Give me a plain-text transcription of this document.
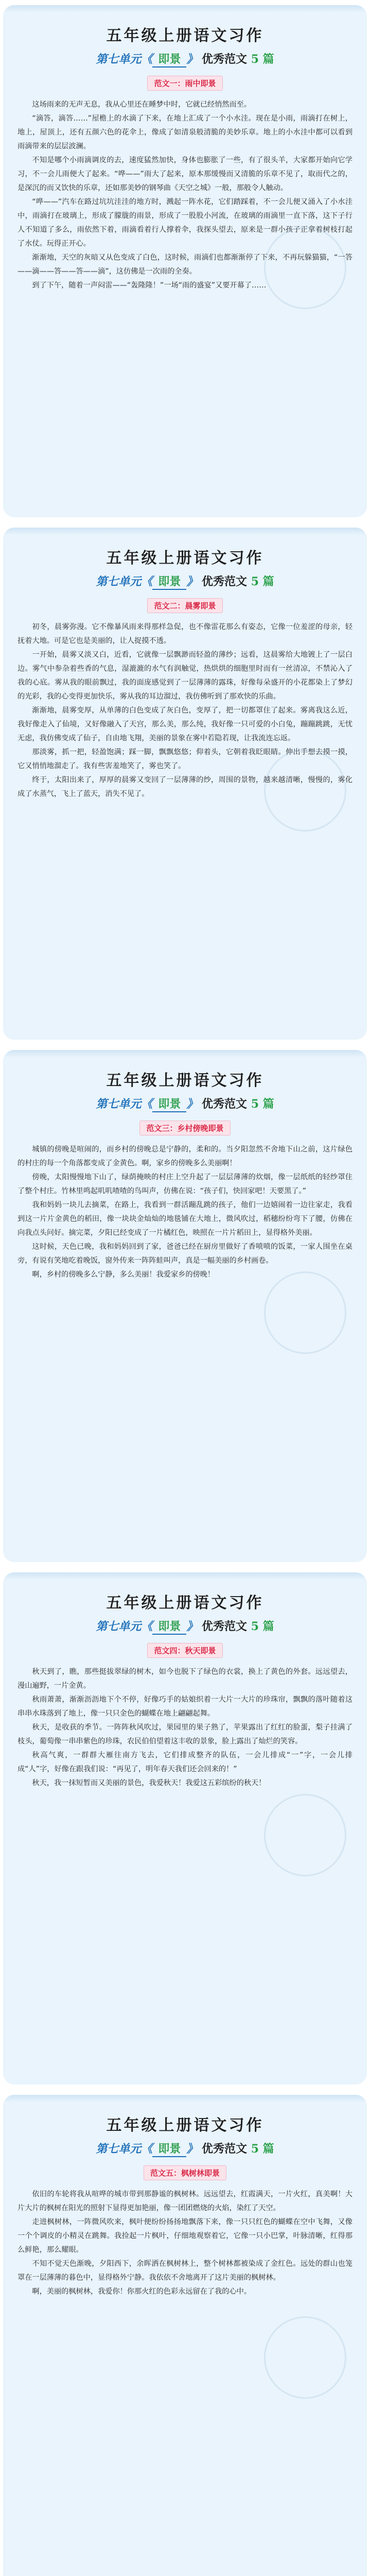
五年级上册语文习作
第七单元《 即景 》 优秀范文 5 篇
范文一：雨中即景

这场雨来的无声无息，我从心里还在睡梦中时，它就已经悄然而至。

“滴答，滴答……”屋檐上的水滴了下来，在地上汇成了一个小水洼。现在是小雨，雨滴打在树上，地上，屋顶上，还有五颜六色的花伞上，像成了如清泉般清脆的美妙乐章。地上的小水洼中都可以看到雨滴带来的层层波澜。

不知是哪个小雨滴调皮的去，速度猛然加快，身体也膨胀了一些，有了很头羊，大家都开始向它学习，不一会儿雨便大了起来。“哗——”雨大了起来，原本那缓慢而又清脆的乐章不见了，取而代之的，是深沉的而又饮快的乐章，还如那美妙的钢琴曲《天空之城》一般，那般令人触动。

“哗——”汽车在路过坑坑洼洼的地方时，溅起一阵水花，它们踏踩着，不一会儿便又涌入了小水洼中，雨滴打在玻璃上，形成了朦胧的雨景，形成了一股股小河流，在玻璃的雨滴里一直下落，这下子行人不知道了多么，雨依然下着，雨滴看着行人撑着伞，我探头望去，原来是一群小孩子正拿着树枝打起了水仗。玩得正开心。

渐渐地，天空的灰暗又从色变成了白色，这时候，雨滴们也都渐渐停了下来，不再玩躲猫猫，“一答——滴——答——答——滴”，这仿佛是一次雨的全奏。

到了下午，随着一声闷雷——“轰隆隆！”一场“雨的盛宴”又要开幕了……

五年级上册语文习作
第七单元《 即景 》 优秀范文 5 篇
范文二：晨雾即景

初冬，晨雾弥漫。它不像暴风雨来得那样急促，也不像雷花那么有姿态，它像一位羞涩的母亲，轻抚着大地。可是它也是美丽的，让人捉摸不透。

一开始，晨雾又淡又白，近看，它就像一层飘渺而轻盈的薄纱；远看，这晨雾给大地镀上了一层白边。雾气中参杂着些香的气息，湿漉漉的水气有润触觉，热烘烘的细胞里时而有一丝清凉，不禁沁入了我的心底。雾从我的眼前飘过，我的面庞感觉到了一层薄薄的露珠，好像每朵盛开的小花都染上了梦幻的光彩，我的心变得更加快乐，雾从我的耳边溜过，我仿佛听到了那欢快的乐曲。

渐渐地，晨雾变厚，从单薄的白色变成了灰白色，变厚了，把一切都罩住了起来。雾离我这么近，我好像走入了仙境，又好像融入了天宫，那么美，那么纯，我好像一只可爱的小白兔，蹦蹦跳跳，无忧无虑，我仿佛变成了仙子，自由地飞翔，美丽的景象在雾中若隐若现，让我流连忘返。

那淡雾，抓一把，轻盈饱满；踩一脚，飘飘悠悠；仰着头，它朝着我眨眼睛。伸出手想去摸一摸，它又悄悄地溜走了。我有些害羞地笑了，雾也笑了。

终于，太阳出来了，厚厚的晨雾又变回了一层薄薄的纱，周围的景物，越来越清晰，慢慢的，雾化成了水蒸气，飞上了蓝天，消失不见了。

五年级上册语文习作
第七单元《 即景 》 优秀范文 5 篇
范文三：乡村傍晚即景

城镇的傍晚是喧闹的，而乡村的傍晚总是宁静的，柔和的。当夕阳忽然不舍地下山之前，这片绿色的村庄的每一个角落都变成了金黄色。啊，家乡的傍晚多么美丽啊！

傍晚，太阳慢慢地下山了，绿荫掩映的村庄上空升起了一层层薄薄的炊烟，像一层纸纸的轻纱罩住了整个村庄。竹林里鸣起叽叽喳喳的鸟叫声，仿佛在说：“孩子们，快回家吧！天要黑了。”

我和妈妈一块儿去摘菜，在路上，我看到一群活蹦乱跳的孩子，他们一边嬉闹着一边往家走，我看到这一片片金黄色的稻田，像一块块金灿灿的地毯铺在大地上，微风吹过，稻穗纷纷弯下了腰，仿佛在向我点头问好。摘完菜，夕阳已经变成了一片橘红色，映照在一片片稻田上，显得格外美丽。

这时候，天色已晚，我和妈妈回到了家，爸爸已经在厨房里做好了香喷喷的饭菜，一家人围坐在桌旁，有说有笑地吃着晚饭，窗外传来一阵阵蛙叫声，真是一幅美丽的乡村画卷。

啊，乡村的傍晚多么宁静，多么美丽！我爱家乡的傍晚！

五年级上册语文习作
第七单元《 即景 》 优秀范文 5 篇
范文四：秋天即景

秋天到了，瞧，那些挺拔翠绿的树木，如今也脱下了绿色的衣裳，换上了黄色的外套。远远望去，漫山遍野，一片金黄。

秋雨萧萧，渐渐沥沥地下个不停，好像巧手的姑娘织着一大片一大片的珍珠帘，飘飘的落叶随着这串串水珠落到了地上，像一只只金色的蝴蝶在地上翩翩起舞。

秋天，是收获的季节。一阵阵秋风吹过，果园里的果子熟了，苹果露出了红红的脸蛋，梨子挂满了枝头，葡萄像一串串紫色的珍珠，农民伯伯望着这丰收的景象，脸上露出了灿烂的笑容。

秋高气爽，一群群大雁往南方飞去，它们排成整齐的队伍，一会儿排成“一”字，一会儿排成“人”字，好像在跟我们说：“再见了，明年春天我们还会回来的！”

秋天，我一抹短暂而又美丽的景色，我爱秋天！我爱这五彩缤纷的秋天！

五年级上册语文习作
第七单元《 即景 》 优秀范文 5 篇
范文五：枫树林即景

依旧的车轮将我从喧哗的城市带到那静谧的枫树林。远远望去，红霞满天，一片火红，真美啊！大片大片的枫树在阳光的照射下显得更加艳丽，像一团团燃烧的火焰，染红了天空。

走进枫树林，一阵微风吹来，枫叶便纷纷扬扬地飘落下来，像一只只红色的蝴蝶在空中飞舞，又像一个个调皮的小精灵在跳舞。我捡起一片枫叶，仔细地观察着它，它像一只小巴掌，叶脉清晰，红得那么鲜艳，那么耀眼。

不知不觉天色渐晚，夕阳西下，余晖洒在枫树林上，整个树林都被染成了金红色。远处的群山也笼罩在一层薄薄的暮色中，显得格外宁静。我依依不舍地离开了这片美丽的枫树林。

啊，美丽的枫树林，我爱你！你那火红的色彩永远留在了我的心中。
